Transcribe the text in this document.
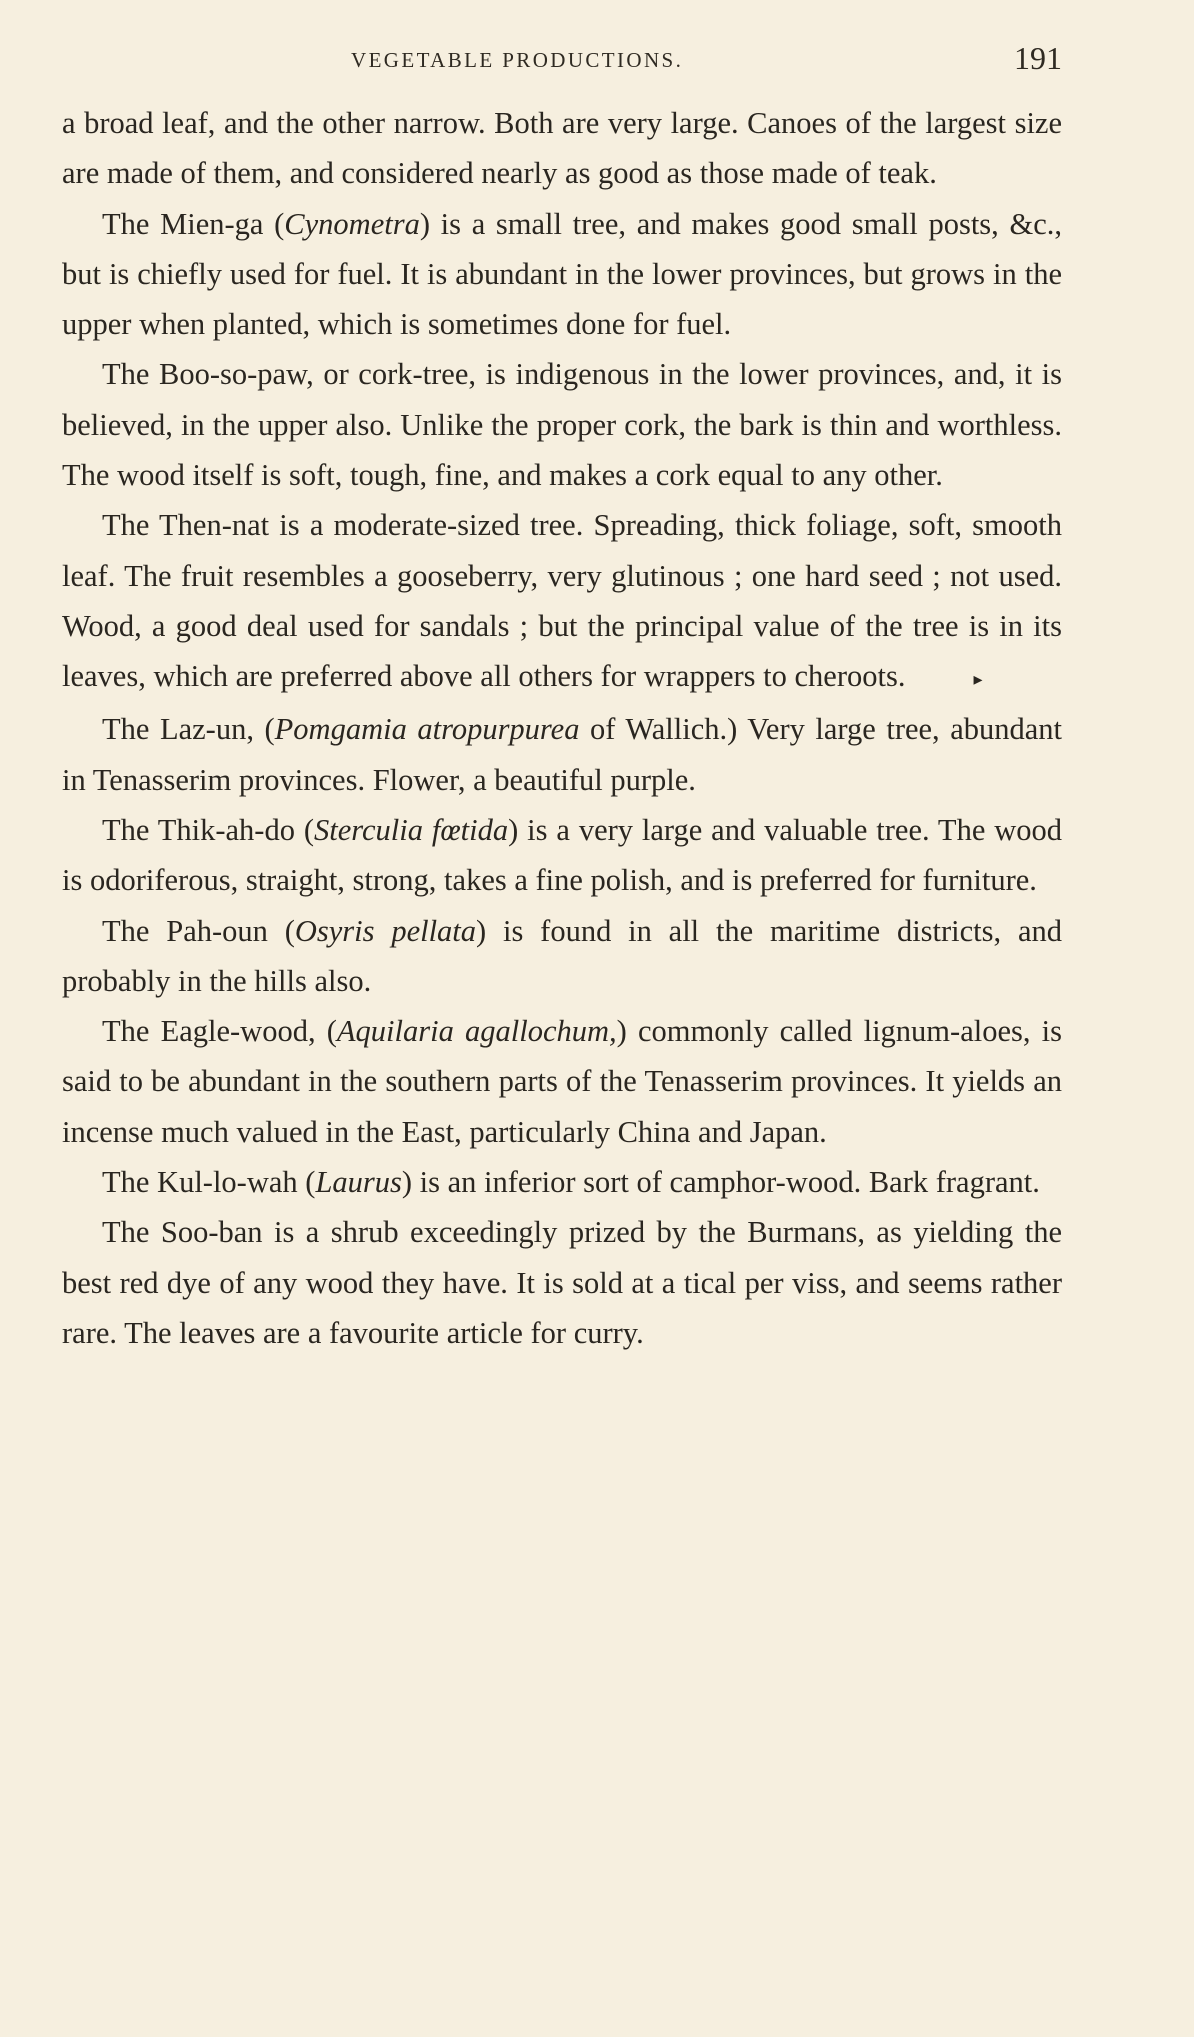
VEGETABLE PRODUCTIONS.	191

a broad leaf, and the other narrow. Both are very large. Canoes of the largest size are made of them, and considered nearly as good as those made of teak.

The Mien-ga (Cynometra) is a small tree, and makes good small posts, &c., but is chiefly used for fuel. It is abundant in the lower provinces, but grows in the upper when planted, which is sometimes done for fuel.

The Boo-so-paw, or cork-tree, is indigenous in the lower provinces, and, it is believed, in the upper also. Unlike the proper cork, the bark is thin and worthless. The wood itself is soft, tough, fine, and makes a cork equal to any other.

The Then-nat is a moderate-sized tree. Spreading, thick foliage, soft, smooth leaf. The fruit resembles a gooseberry, very glutinous ; one hard seed ; not used. Wood, a good deal used for sandals ; but the principal value of the tree is in its leaves, which are preferred above all others for wrappers to cheroots.	▸

The Laz-un, (Pomgamia atropurpurea of Wallich.) Very large tree, abundant in Tenasserim provinces. Flower, a beautiful purple.

The Thik-ah-do (Sterculia fœtida) is a very large and valuable tree. The wood is odoriferous, straight, strong, takes a fine polish, and is preferred for furniture.

The Pah-oun (Osyris pellata) is found in all the maritime districts, and probably in the hills also.

The Eagle-wood, (Aquilaria agallochum,) commonly called lignum-aloes, is said to be abundant in the southern parts of the Tenasserim provinces. It yields an incense much valued in the East, particularly China and Japan.

The Kul-lo-wah (Laurus) is an inferior sort of camphor-wood. Bark fragrant.

The Soo-ban is a shrub exceedingly prized by the Burmans, as yielding the best red dye of any wood they have. It is sold at a tical per viss, and seems rather rare. The leaves are a favourite article for curry.
